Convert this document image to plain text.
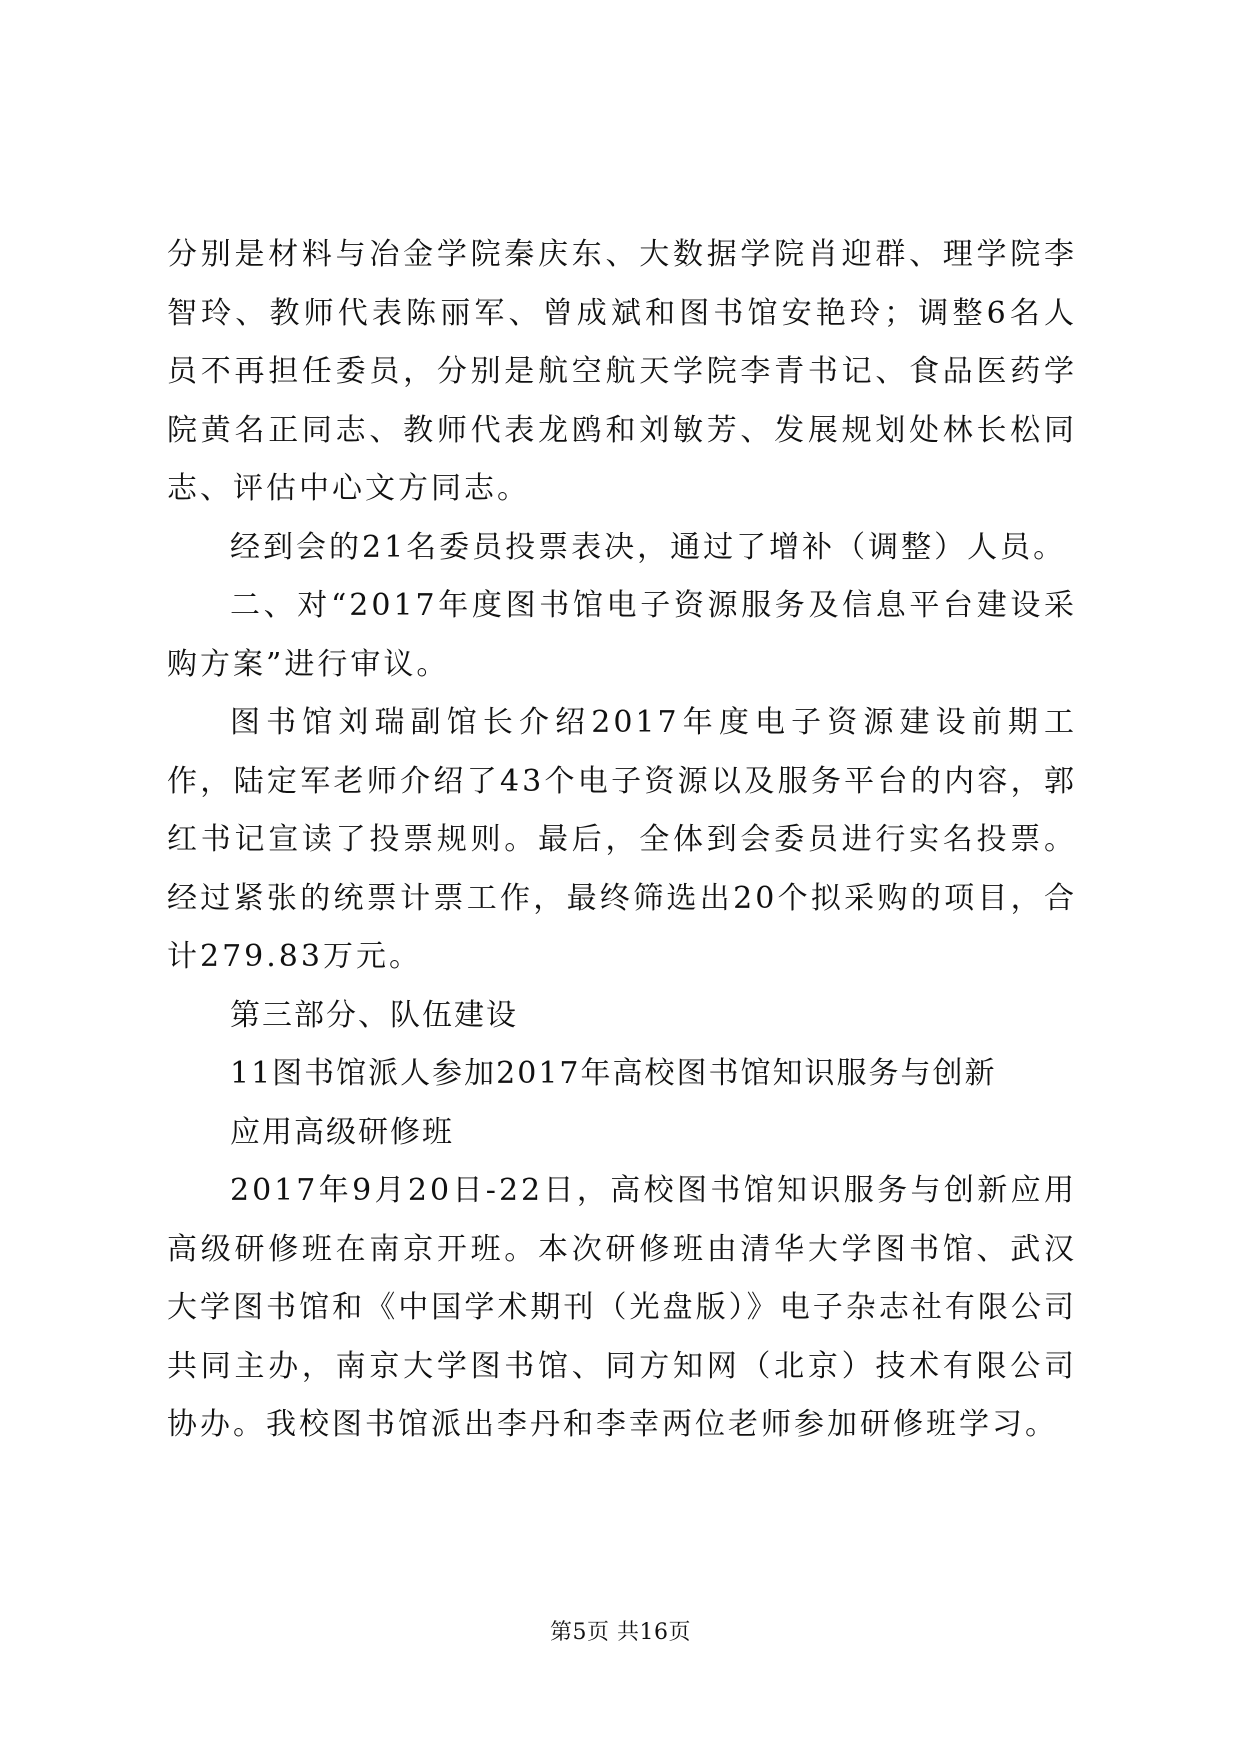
分别是材料与冶金学院秦庆东、大数据学院肖迎群、理学院李智玲、教师代表陈丽军、曾成斌和图书馆安艳玲；调整6名人员不再担任委员，分别是航空航天学院李青书记、食品医药学院黄名正同志、教师代表龙鸥和刘敏芳、发展规划处林长松同志、评估中心文方同志。

经到会的21名委员投票表决，通过了增补（调整）人员。

二、对“2017年度图书馆电子资源服务及信息平台建设采购方案”进行审议。

图书馆刘瑞副馆长介绍2017年度电子资源建设前期工作，陆定军老师介绍了43个电子资源以及服务平台的内容，郭红书记宣读了投票规则。最后，全体到会委员进行实名投票。经过紧张的统票计票工作，最终筛选出20个拟采购的项目，合计279.83万元。

第三部分、队伍建设

11图书馆派人参加2017年高校图书馆知识服务与创新

应用高级研修班

2017年9月20日-22日，高校图书馆知识服务与创新应用高级研修班在南京开班。本次研修班由清华大学图书馆、武汉大学图书馆和《中国学术期刊（光盘版）》电子杂志社有限公司共同主办，南京大学图书馆、同方知网（北京）技术有限公司协办。我校图书馆派出李丹和李幸两位老师参加研修班学习。

第5页 共16页
